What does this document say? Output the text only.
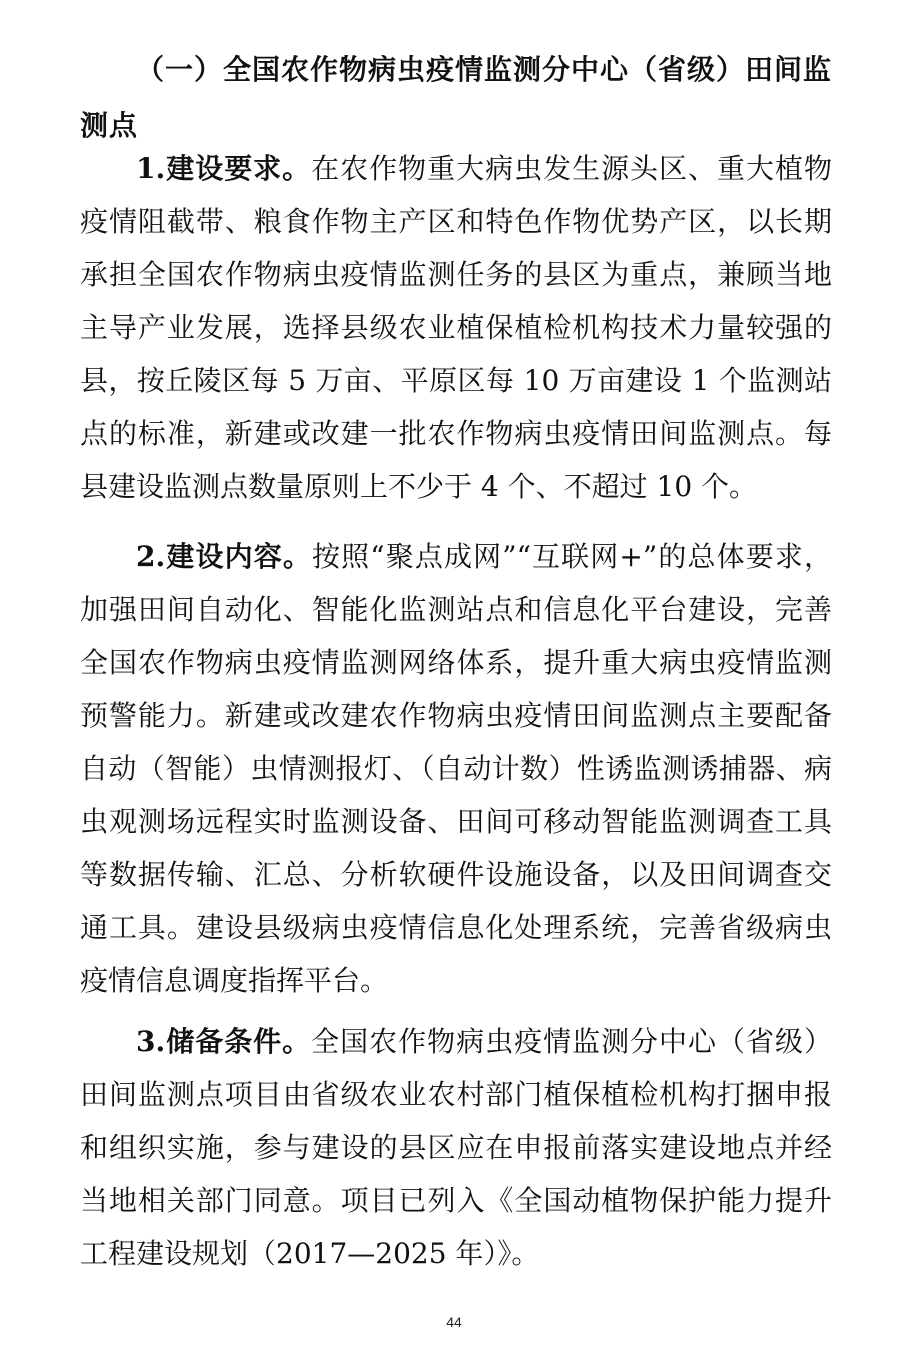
（一）全国农作物病虫疫情监测分中心（省级）田间监测点

1.建设要求。在农作物重大病虫发生源头区、重大植物疫情阻截带、粮食作物主产区和特色作物优势产区，以长期承担全国农作物病虫疫情监测任务的县区为重点，兼顾当地主导产业发展，选择县级农业植保植检机构技术力量较强的县，按丘陵区每 5 万亩、平原区每 10 万亩建设 1 个监测站点的标准，新建或改建一批农作物病虫疫情田间监测点。每县建设监测点数量原则上不少于 4 个、不超过 10 个。

2.建设内容。按照“聚点成网”“互联网+”的总体要求，加强田间自动化、智能化监测站点和信息化平台建设，完善全国农作物病虫疫情监测网络体系，提升重大病虫疫情监测预警能力。新建或改建农作物病虫疫情田间监测点主要配备自动（智能）虫情测报灯、（自动计数）性诱监测诱捕器、病虫观测场远程实时监测设备、田间可移动智能监测调查工具等数据传输、汇总、分析软硬件设施设备，以及田间调查交通工具。建设县级病虫疫情信息化处理系统，完善省级病虫疫情信息调度指挥平台。

3.储备条件。全国农作物病虫疫情监测分中心（省级）田间监测点项目由省级农业农村部门植保植检机构打捆申报和组织实施，参与建设的县区应在申报前落实建设地点并经当地相关部门同意。项目已列入《全国动植物保护能力提升工程建设规划（2017—2025 年）》。

44
